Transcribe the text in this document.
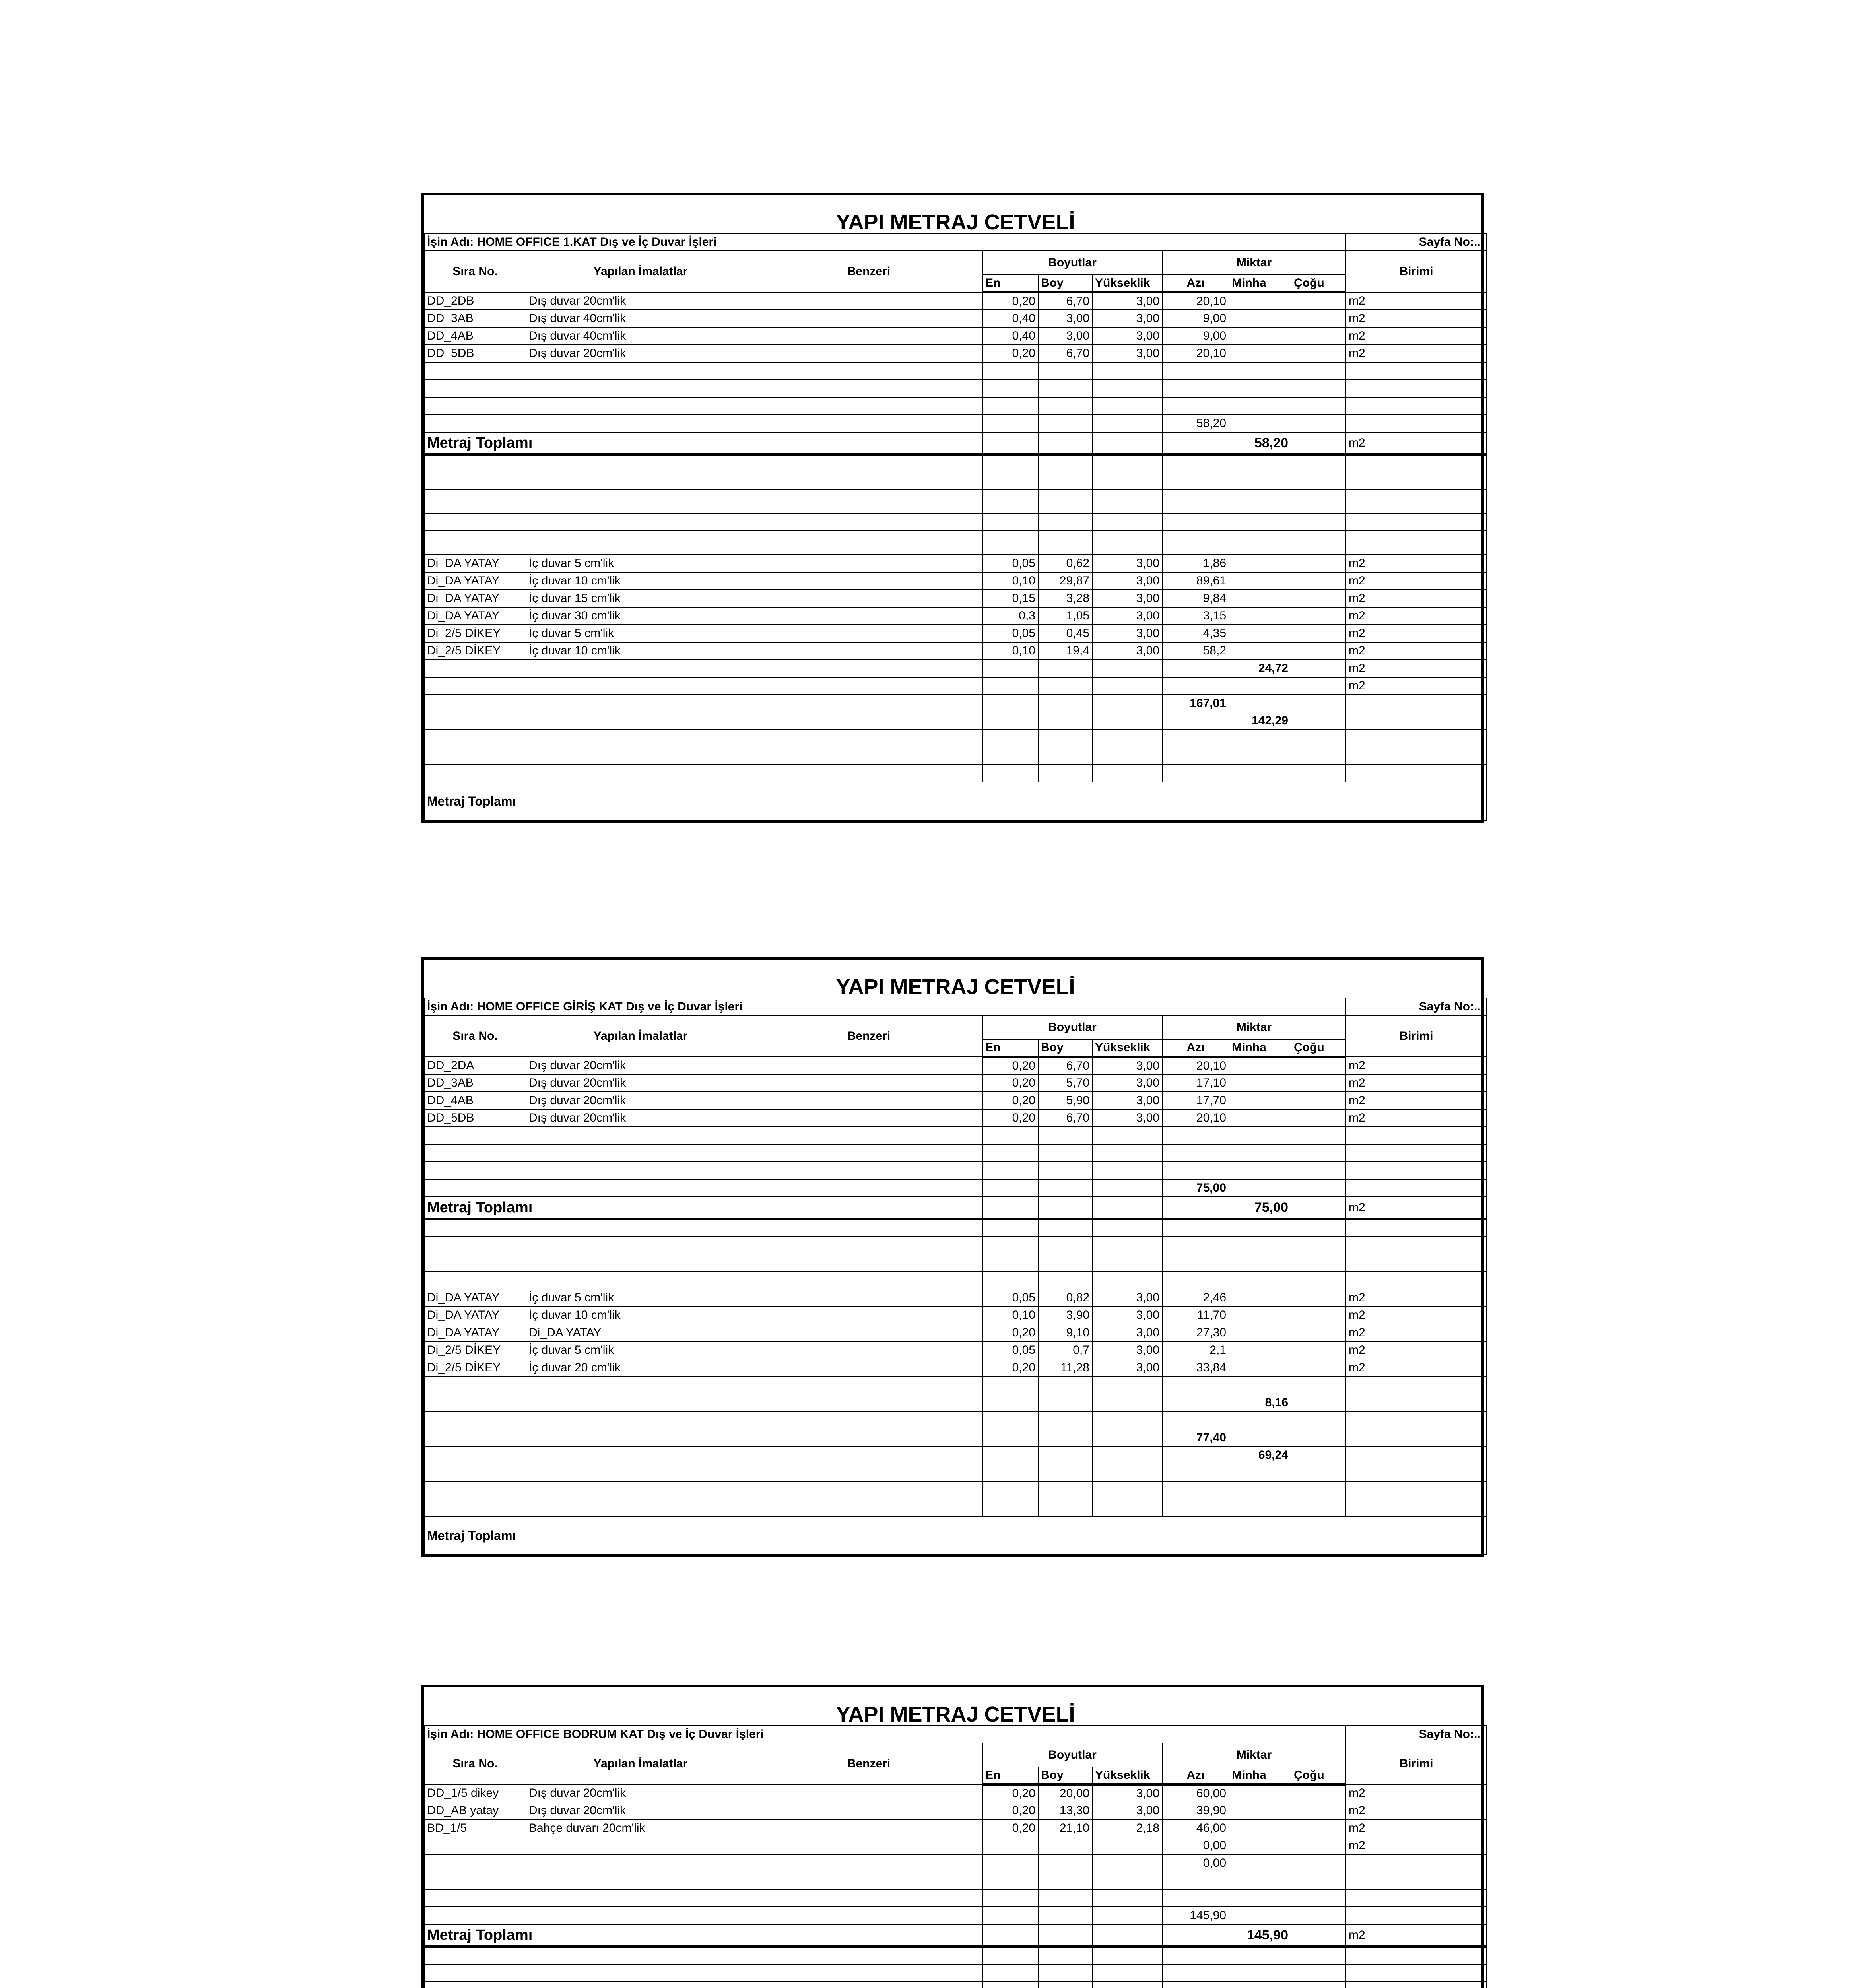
YAPI METRAJ CETVELİ									
İşin Adı: HOME OFFICE 1.KAT Dış ve İç Duvar İşleri									Sayfa No:...
Sıra No.	Yapılan İmalatlar	Benzeri	Boyutlar			Miktar			Birimi
			En	Boy	Yükseklik	Azı	Minha	Çoğu	
DD_2DB	Dış duvar 20cm'lik		0,20	6,70	3,00	20,10			m2
DD_3AB	Dış duvar 40cm'lik		0,40	3,00	3,00	9,00			m2
DD_4AB	Dış duvar 40cm'lik		0,40	3,00	3,00	9,00			m2
DD_5DB	Dış duvar 20cm'lik		0,20	6,70	3,00	20,10			m2

						58,20			
Metraj Toplamı							58,20		m2

Di_DA YATAY	İç duvar 5 cm'lik		0,05	0,62	3,00	1,86			m2
Di_DA YATAY	İç duvar 10 cm'lik		0,10	29,87	3,00	89,61			m2
Di_DA YATAY	İç duvar 15 cm'lik		0,15	3,28	3,00	9,84			m2
Di_DA YATAY	İç duvar 30 cm'lik		0,3	1,05	3,00	3,15			m2
Di_2/5 DİKEY	İç duvar 5 cm'lik		0,05	0,45	3,00	4,35			m2
Di_2/5 DİKEY	İç duvar 10 cm'lik		0,10	19,4	3,00	58,2			m2
							24,72		m2
									m2
						167,01			
							142,29		

Metraj Toplamı									
YAPI METRAJ CETVELİ									
İşin Adı: HOME OFFICE GİRİŞ KAT Dış ve İç Duvar İşleri									Sayfa No:...
Sıra No.	Yapılan İmalatlar	Benzeri	Boyutlar			Miktar			Birimi
			En	Boy	Yükseklik	Azı	Minha	Çoğu	
DD_2DA	Dış duvar 20cm'lik		0,20	6,70	3,00	20,10			m2
DD_3AB	Dış duvar 20cm'lik		0,20	5,70	3,00	17,10			m2
DD_4AB	Dış duvar 20cm'lik		0,20	5,90	3,00	17,70			m2
DD_5DB	Dış duvar 20cm'lik		0,20	6,70	3,00	20,10			m2

						75,00			
Metraj Toplamı							75,00		m2

Di_DA YATAY	İç duvar 5 cm'lik		0,05	0,82	3,00	2,46			m2
Di_DA YATAY	İç duvar 10 cm'lik		0,10	3,90	3,00	11,70			m2
Di_DA YATAY	Di_DA YATAY		0,20	9,10	3,00	27,30			m2
Di_2/5 DİKEY	İç duvar 5 cm'lik		0,05	0,7	3,00	2,1			m2
Di_2/5 DİKEY	İç duvar 20 cm'lik		0,20	11,28	3,00	33,84			m2

							8,16		

						77,40			
							69,24		

Metraj Toplamı									
YAPI METRAJ CETVELİ									
İşin Adı: HOME OFFICE BODRUM KAT Dış ve İç Duvar İşleri									Sayfa No:...
Sıra No.	Yapılan İmalatlar	Benzeri	Boyutlar			Miktar			Birimi
			En	Boy	Yükseklik	Azı	Minha	Çoğu	
DD_1/5 dikey	Dış duvar 20cm'lik		0,20	20,00	3,00	60,00			m2
DD_AB yatay	Dış duvar 20cm'lik		0,20	13,30	3,00	39,90			m2
BD_1/5	Bahçe duvarı 20cm'lik		0,20	21,10	2,18	46,00			m2
						0,00			m2
						0,00			

						145,90			
Metraj Toplamı							145,90		m2
